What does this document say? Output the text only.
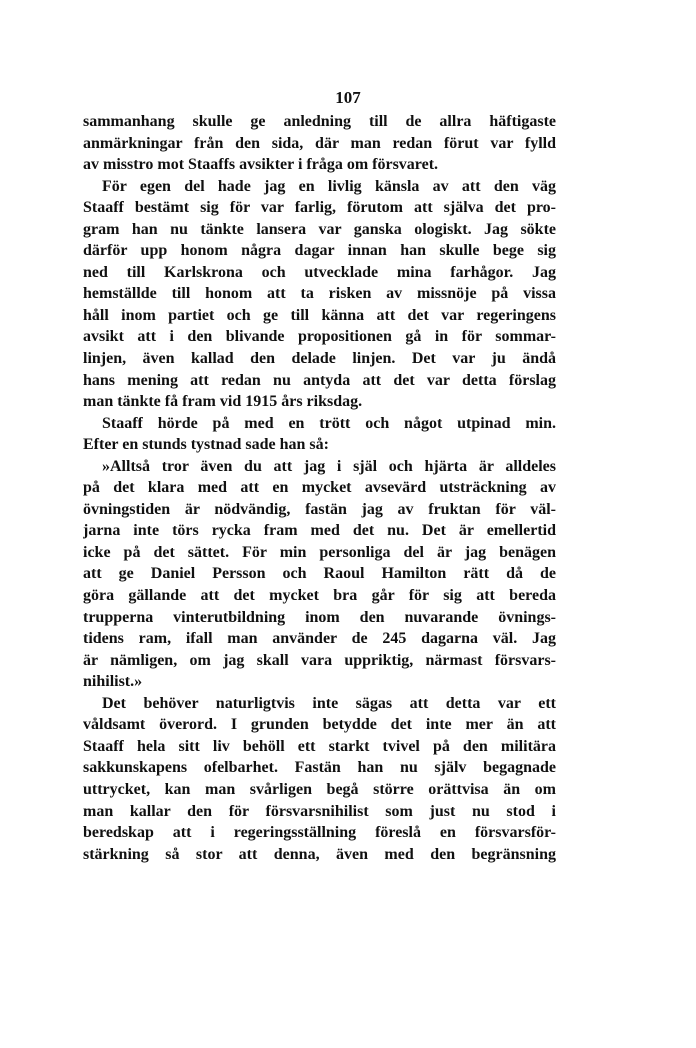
107
sammanhang skulle ge anledning till de allra häftigaste
anmärkningar från den sida, där man redan förut var fylld
av misstro mot Staaffs avsikter i fråga om försvaret.
För egen del hade jag en livlig känsla av att den väg
Staaff bestämt sig för var farlig, förutom att själva det pro-
gram han nu tänkte lansera var ganska ologiskt. Jag sökte
därför upp honom några dagar innan han skulle bege sig
ned till Karlskrona och utvecklade mina farhågor. Jag
hemställde till honom att ta risken av missnöje på vissa
håll inom partiet och ge till känna att det var regeringens
avsikt att i den blivande propositionen gå in för sommar-
linjen, även kallad den delade linjen. Det var ju ändå
hans mening att redan nu antyda att det var detta förslag
man tänkte få fram vid 1915 års riksdag.
Staaff hörde på med en trött och något utpinad min.
Efter en stunds tystnad sade han så:
»Alltså tror även du att jag i själ och hjärta är alldeles
på det klara med att en mycket avsevärd utsträckning av
övningstiden är nödvändig, fastän jag av fruktan för väl-
jarna inte törs rycka fram med det nu. Det är emellertid
icke på det sättet. För min personliga del är jag benägen
att ge Daniel Persson och Raoul Hamilton rätt då de
göra gällande att det mycket bra går för sig att bereda
trupperna vinterutbildning inom den nuvarande övnings-
tidens ram, ifall man använder de 245 dagarna väl. Jag
är nämligen, om jag skall vara uppriktig, närmast försvars-
nihilist.»
Det behöver naturligtvis inte sägas att detta var ett
våldsamt överord. I grunden betydde det inte mer än att
Staaff hela sitt liv behöll ett starkt tvivel på den militära
sakkunskapens ofelbarhet. Fastän han nu själv begagnade
uttrycket, kan man svårligen begå större orättvisa än om
man kallar den för försvarsnihilist som just nu stod i
beredskap att i regeringsställning föreslå en försvarsför-
stärkning så stor att denna, även med den begränsning
